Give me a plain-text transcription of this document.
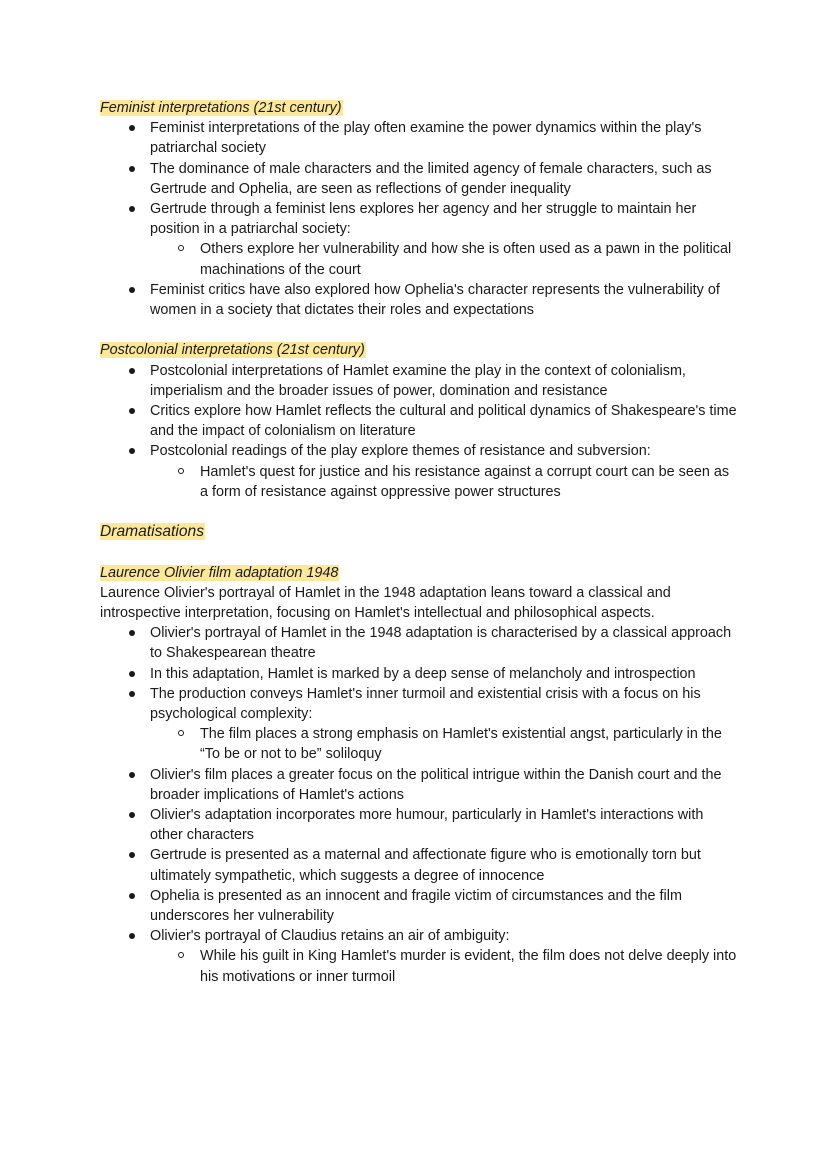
Feminist interpretations (21st century)
Feminist interpretations of the play often examine the power dynamics within the play's patriarchal society
The dominance of male characters and the limited agency of female characters, such as Gertrude and Ophelia, are seen as reflections of gender inequality
Gertrude through a feminist lens explores her agency and her struggle to maintain her position in a patriarchal society:
Others explore her vulnerability and how she is often used as a pawn in the political machinations of the court
Feminist critics have also explored how Ophelia's character represents the vulnerability of women in a society that dictates their roles and expectations
Postcolonial interpretations (21st century)
Postcolonial interpretations of Hamlet examine the play in the context of colonialism, imperialism and the broader issues of power, domination and resistance
Critics explore how Hamlet reflects the cultural and political dynamics of Shakespeare's time and the impact of colonialism on literature
Postcolonial readings of the play explore themes of resistance and subversion:
Hamlet's quest for justice and his resistance against a corrupt court can be seen as a form of resistance against oppressive power structures
Dramatisations
Laurence Olivier film adaptation 1948

Laurence Olivier's portrayal of Hamlet in the 1948 adaptation leans toward a classical and introspective interpretation, focusing on Hamlet's intellectual and philosophical aspects.

Olivier's portrayal of Hamlet in the 1948 adaptation is characterised by a classical approach to Shakespearean theatre
In this adaptation, Hamlet is marked by a deep sense of melancholy and introspection
The production conveys Hamlet's inner turmoil and existential crisis with a focus on his psychological complexity:
The film places a strong emphasis on Hamlet's existential angst, particularly in the “To be or not to be” soliloquy
Olivier's film places a greater focus on the political intrigue within the Danish court and the broader implications of Hamlet's actions
Olivier's adaptation incorporates more humour, particularly in Hamlet's interactions with other characters
Gertrude is presented as a maternal and affectionate figure who is emotionally torn but ultimately sympathetic, which suggests a degree of innocence
Ophelia is presented as an innocent and fragile victim of circumstances and the film underscores her vulnerability
Olivier's portrayal of Claudius retains an air of ambiguity:
While his guilt in King Hamlet's murder is evident, the film does not delve deeply into his motivations or inner turmoil
